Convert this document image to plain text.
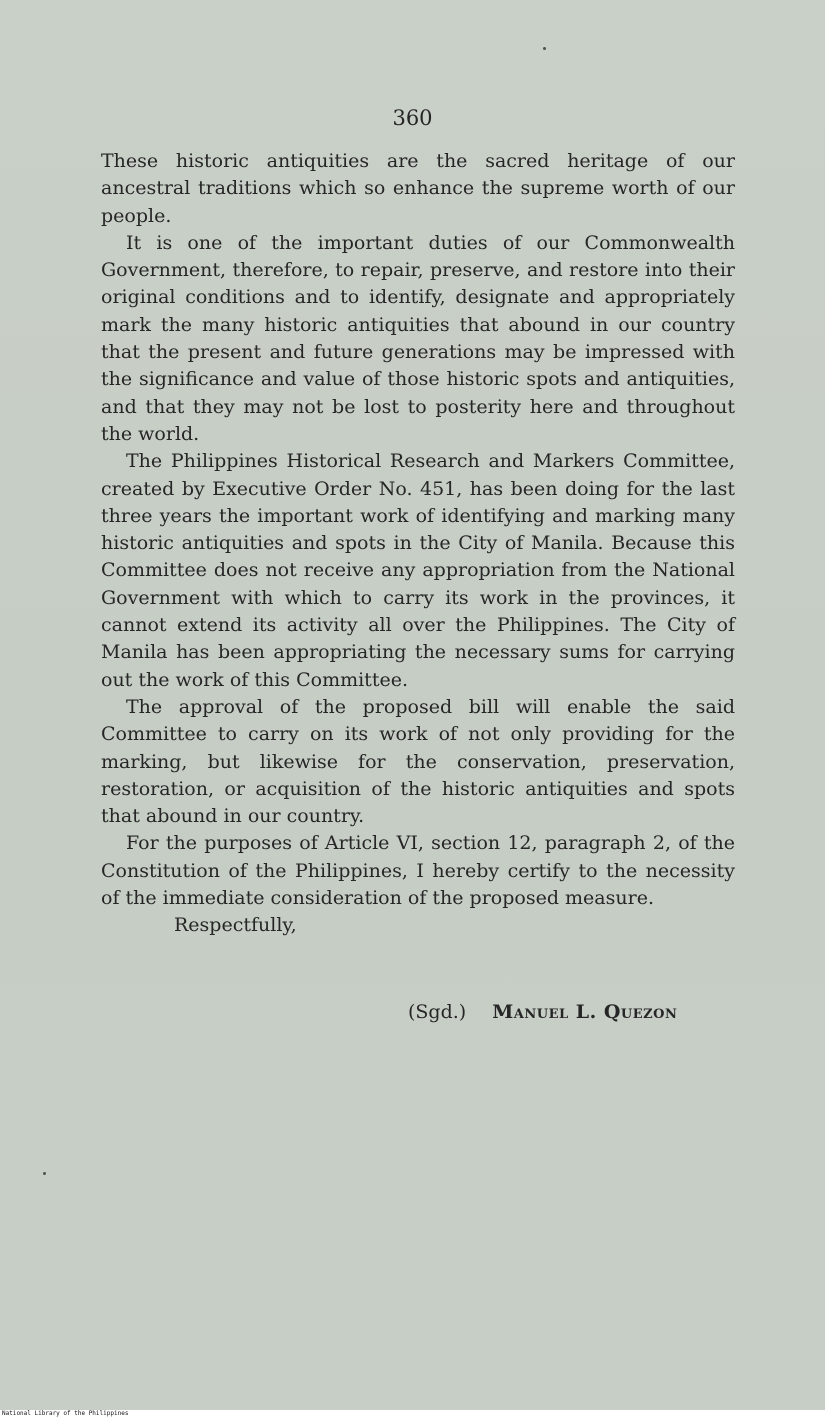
360

These historic antiquities are the sacred heritage of our ancestral traditions which so enhance the supreme worth of our people.

It is one of the important duties of our Commonwealth Government, therefore, to repair, preserve, and restore into their original conditions and to identify, designate and appropriately mark the many historic antiquities that abound in our country that the present and future generations may be impressed with the significance and value of those historic spots and antiquities, and that they may not be lost to posterity here and throughout the world.

The Philippines Historical Research and Markers Committee, created by Executive Order No. 451, has been doing for the last three years the important work of identifying and marking many historic antiquities and spots in the City of Manila. Because this Committee does not receive any appropriation from the National Government with which to carry its work in the provinces, it cannot extend its activity all over the Philippines. The City of Manila has been appropriating the necessary sums for carrying out the work of this Committee.

The approval of the proposed bill will enable the said Committee to carry on its work of not only providing for the marking, but likewise for the conservation, preservation, restoration, or acquisition of the historic antiquities and spots that abound in our country.

For the purposes of Article VI, section 12, paragraph 2, of the Constitution of the Philippines, I hereby certify to the necessity of the immediate consideration of the proposed measure.

Respectfully,

(Sgd.) Manuel L. Quezon
National Library of the Philippines
